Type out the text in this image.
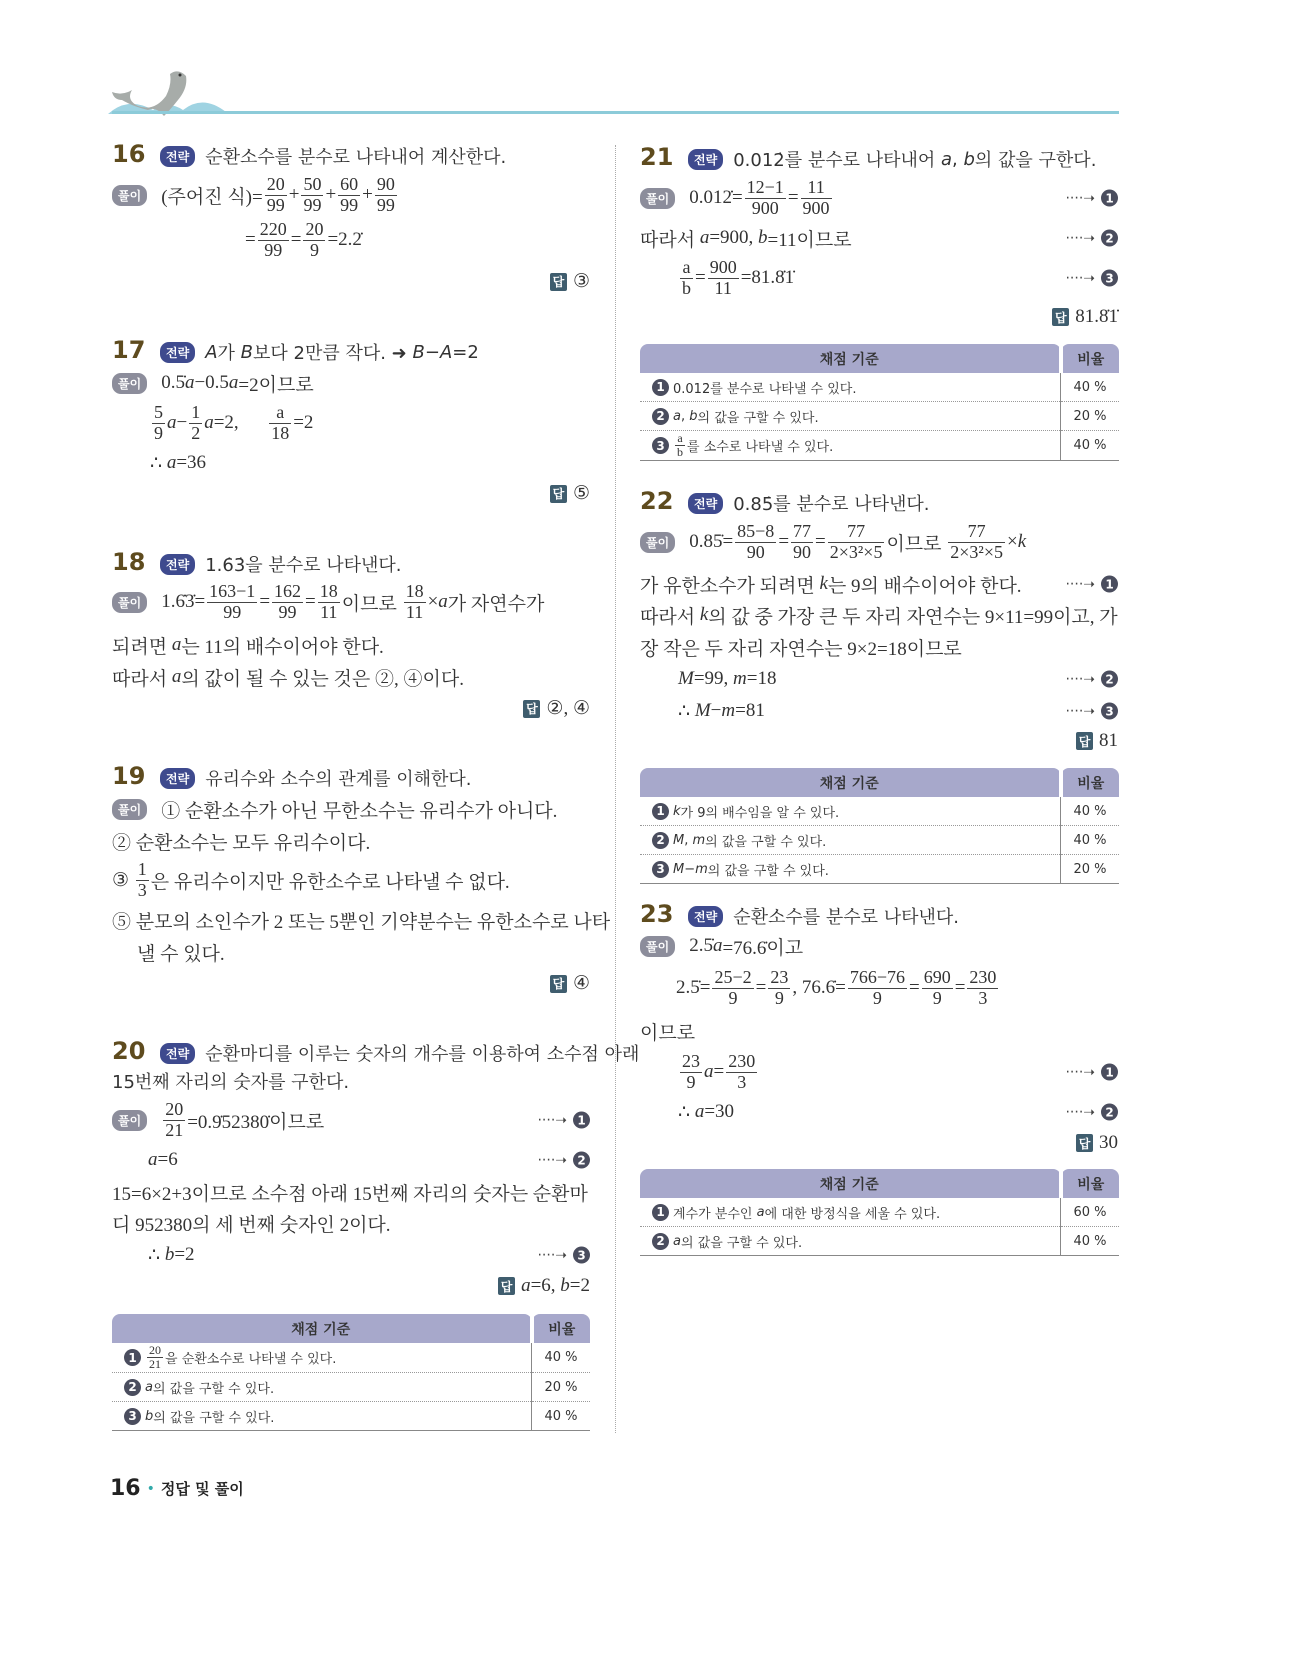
16	전략 순환소수를 분수로 나타내어 계산한다.
풀이	(주어진 식)= $\frac{20}{99} + \frac{50}{99} + \frac{60}{99} + \frac{90}{99}$
= $\frac{220}{99} = \frac{20}{9}$ =2.2̇
답 ③
17	전략 A 가 B 보다 2만큼 작다. ➜ B − A =2
풀이	0.5̇ a −0.5 a =2이므로
$\frac{5}{9}$ $a - \frac{1}{2}$ a =2, $\frac{a}{18} =2$
∴ a =36
답 ⑤
18	전략 1.6̇3̇을 분수로 나타낸다.
풀이	1.6̇3̇= $\frac{163-1}{99} = \frac{162}{99} = \frac{18}{11}$ 이므로 $\frac{18}{11} \times a$ 가 자연수가
되려면 a 는 11의 배수이어야 한다.
따라서 a 의 값이 될 수 있는 것은 ②, ④이다.
답 ②, ④
19	전략 유리수와 소수의 관계를 이해한다.
풀이	① 순환소수가 아닌 무한소수는 유리수가 아니다.
② 순환소수는 모두 유리수이다.
③ $\frac{1}{3}$ 은 유리수이지만 유한소수로 나타낼 수 없다.
⑤ 분모의 소인수가 2 또는 5뿐인 기약분수는 유한소수로 나타
낼 수 있다.
답 ④
20	전략 순환마디를 이루는 숫자의 개수를 이용하여 소수점 아래
15번째 자리의 숫자를 구한다.
풀이	$\frac{20}{21}$ =0.9̇52380̇이므로	····➝ 1
a =6	····➝ 2
15=6×2+3이므로 소수점 아래 15번째 자리의 숫자는 순환마
디 952380의 세 번째 숫자인 2이다.
∴ b =2	····➝ 3
답 a =6, b =2
채점 기준	비율

$1 \frac{20}{21}$ 을 순환소수로 나타낼 수 있다.	40 %

2 a 의 값을 구할 수 있다.	20 %

3 b 의 값을 구할 수 있다.	40 %
21	전략 0.012̇를 분수로 나타내어 a , b 의 값을 구한다.
풀이	0.012̇= $\frac{12-1}{900} = \frac{11}{900}$	····➝ 1
따라서 a =900, b =11이므로	····➝ 2
$\frac{a}{b} = \frac{900}{11}$ =81.8̇1̇	····➝ 3
답 81.8̇1̇
채점 기준	비율

1 0.012̇를 분수로 나타낼 수 있다.	40 %

2 a , b 의 값을 구할 수 있다.	20 %

$3 \frac{a}{b}$ 를 소수로 나타낼 수 있다.	40 %
22	전략 0.85̇를 분수로 나타낸다.
풀이	0.85̇= $\frac{85-8}{90} = \frac{77}{90} = \frac{77}{\text{2×3²×5}}$ 이므로 $\frac{77}{\text{2×3²×5}} \times k$
가 유한소수가 되려면 k 는 9의 배수이어야 한다.	····➝ 1
따라서 k 의 값 중 가장 큰 두 자리 자연수는 9×11=99이고, 가
장 작은 두 자리 자연수는 9×2=18이므로
M =99, m =18	····➝ 2
∴ M − m =81	····➝ 3
답 81
채점 기준	비율

1 k 가 9의 배수임을 알 수 있다.	40 %

2 M , m 의 값을 구할 수 있다.	40 %

3 M − m 의 값을 구할 수 있다.	20 %
23	전략 순환소수를 분수로 나타낸다.
풀이	2.5̇ a =76.6̇이고
2.5̇= $\frac{25-2}{9} = \frac{23}{9}$ , 76.6̇= $\frac{766-76}{9} = \frac{690}{9} = \frac{230}{3}$
이므로
$\frac{23}{9}$ $a = \frac{230}{3}$	····➝ 1
∴ a =30	····➝ 2
답 30
채점 기준	비율

1 계수가 분수인 a 에 대한 방정식을 세울 수 있다.	60 %

2 a 의 값을 구할 수 있다.	40 %
16 • 정답 및 풀이
